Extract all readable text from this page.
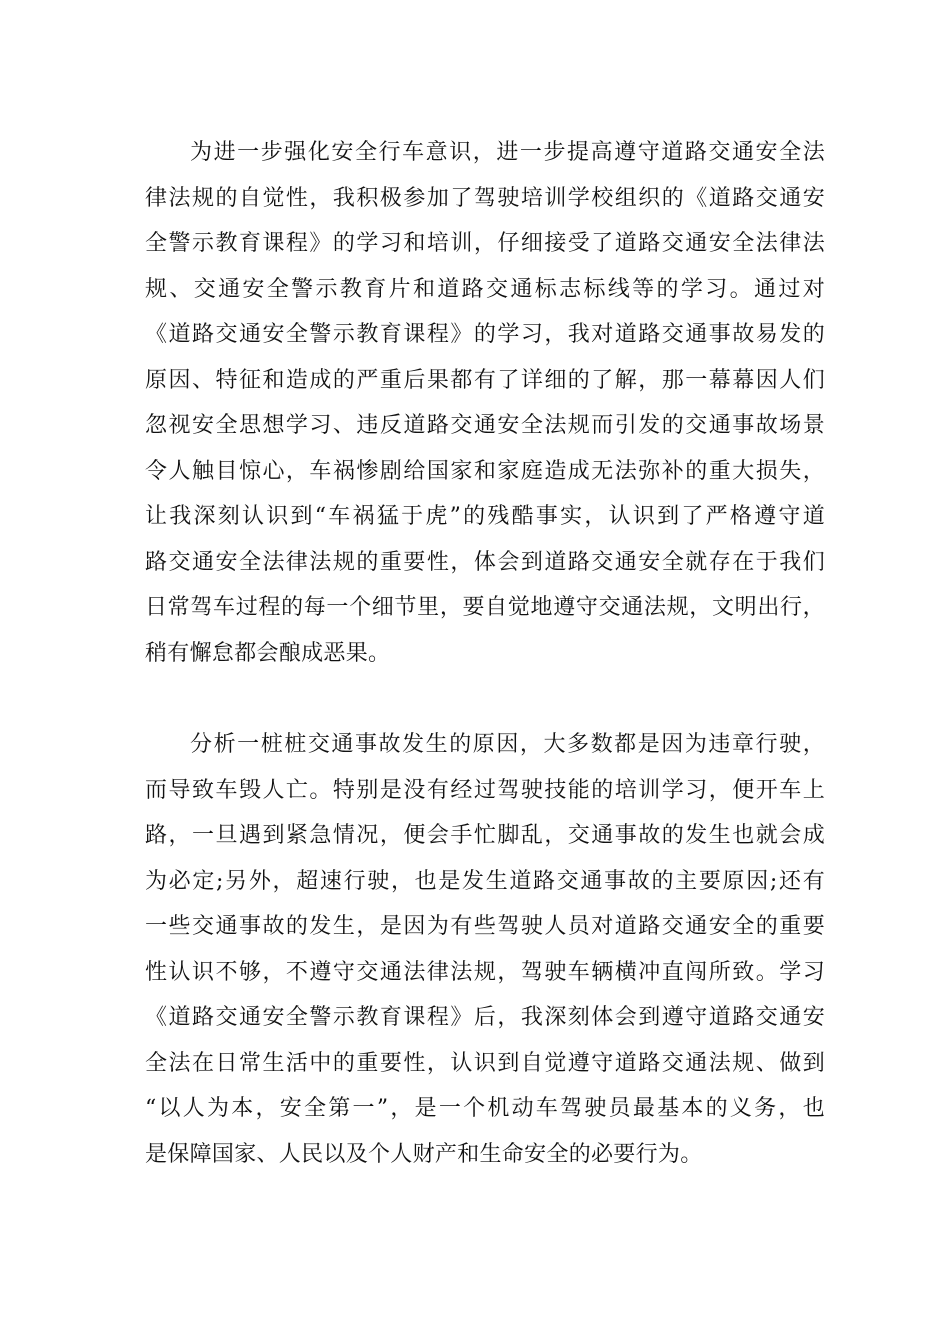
为进一步强化安全行车意识，进一步提高遵守道路交通安全法
律法规的自觉性，我积极参加了驾驶培训学校组织的《道路交通安
全警示教育课程》的学习和培训，仔细接受了道路交通安全法律法
规、交通安全警示教育片和道路交通标志标线等的学习。通过对
《道路交通安全警示教育课程》的学习，我对道路交通事故易发的
原因、特征和造成的严重后果都有了详细的了解，那一幕幕因人们
忽视安全思想学习、违反道路交通安全法规而引发的交通事故场景
令人触目惊心，车祸惨剧给国家和家庭造成无法弥补的重大损失，
让我深刻认识到“车祸猛于虎”的残酷事实，认识到了严格遵守道
路交通安全法律法规的重要性，体会到道路交通安全就存在于我们
日常驾车过程的每一个细节里，要自觉地遵守交通法规，文明出行，
稍有懈怠都会酿成恶果。
分析一桩桩交通事故发生的原因，大多数都是因为违章行驶，
而导致车毁人亡。特别是没有经过驾驶技能的培训学习，便开车上
路，一旦遇到紧急情况，便会手忙脚乱，交通事故的发生也就会成
为必定;另外，超速行驶，也是发生道路交通事故的主要原因;还有
一些交通事故的发生，是因为有些驾驶人员对道路交通安全的重要
性认识不够，不遵守交通法律法规，驾驶车辆横冲直闯所致。学习
《道路交通安全警示教育课程》后，我深刻体会到遵守道路交通安
全法在日常生活中的重要性，认识到自觉遵守道路交通法规、做到
“以人为本，安全第一”，是一个机动车驾驶员最基本的义务，也
是保障国家、人民以及个人财产和生命安全的必要行为。
